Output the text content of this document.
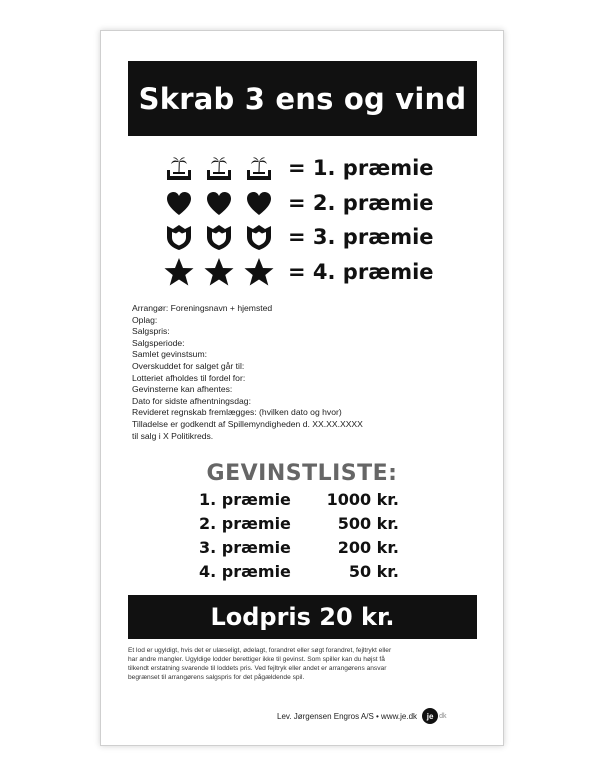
Skrab 3 ens og vind
= 1. præmie
= 2. præmie
= 3. præmie
= 4. præmie
Arrangør: Foreningsnavn + hjemsted
Oplag:
Salgspris:
Salgsperiode:
Samlet gevinstsum:
Overskuddet for salget går til:
Lotteriet afholdes til fordel for:
Gevinsterne kan afhentes:
Dato for sidste afhentningsdag:
Revideret regnskab fremlægges: (hvilken dato og hvor)
Tilladelse er godkendt af Spillemyndigheden d. XX.XX.XXXX
til salg i X Politikreds.
GEVINSTLISTE:
1. præmie 1000 kr.
2. præmie	500 kr.
3. præmie	200 kr.
4. præmie	50 kr.
Lodpris 20 kr.
Et lod er ugyldigt, hvis det er ulæseligt, ødelagt, forandret eller søgt forandret, fejltrykt eller
har andre mangler. Ugyldige lodder berettiger ikke til gevinst. Som spiller kan du højst få
tilkendt erstatning svarende til loddets pris. Ved fejltryk eller andet er arrangørens ansvar
begrænset til arrangørens salgspris for det pågældende spil.
Lev. Jørgensen Engros A/S • www.je.dk	je dk
